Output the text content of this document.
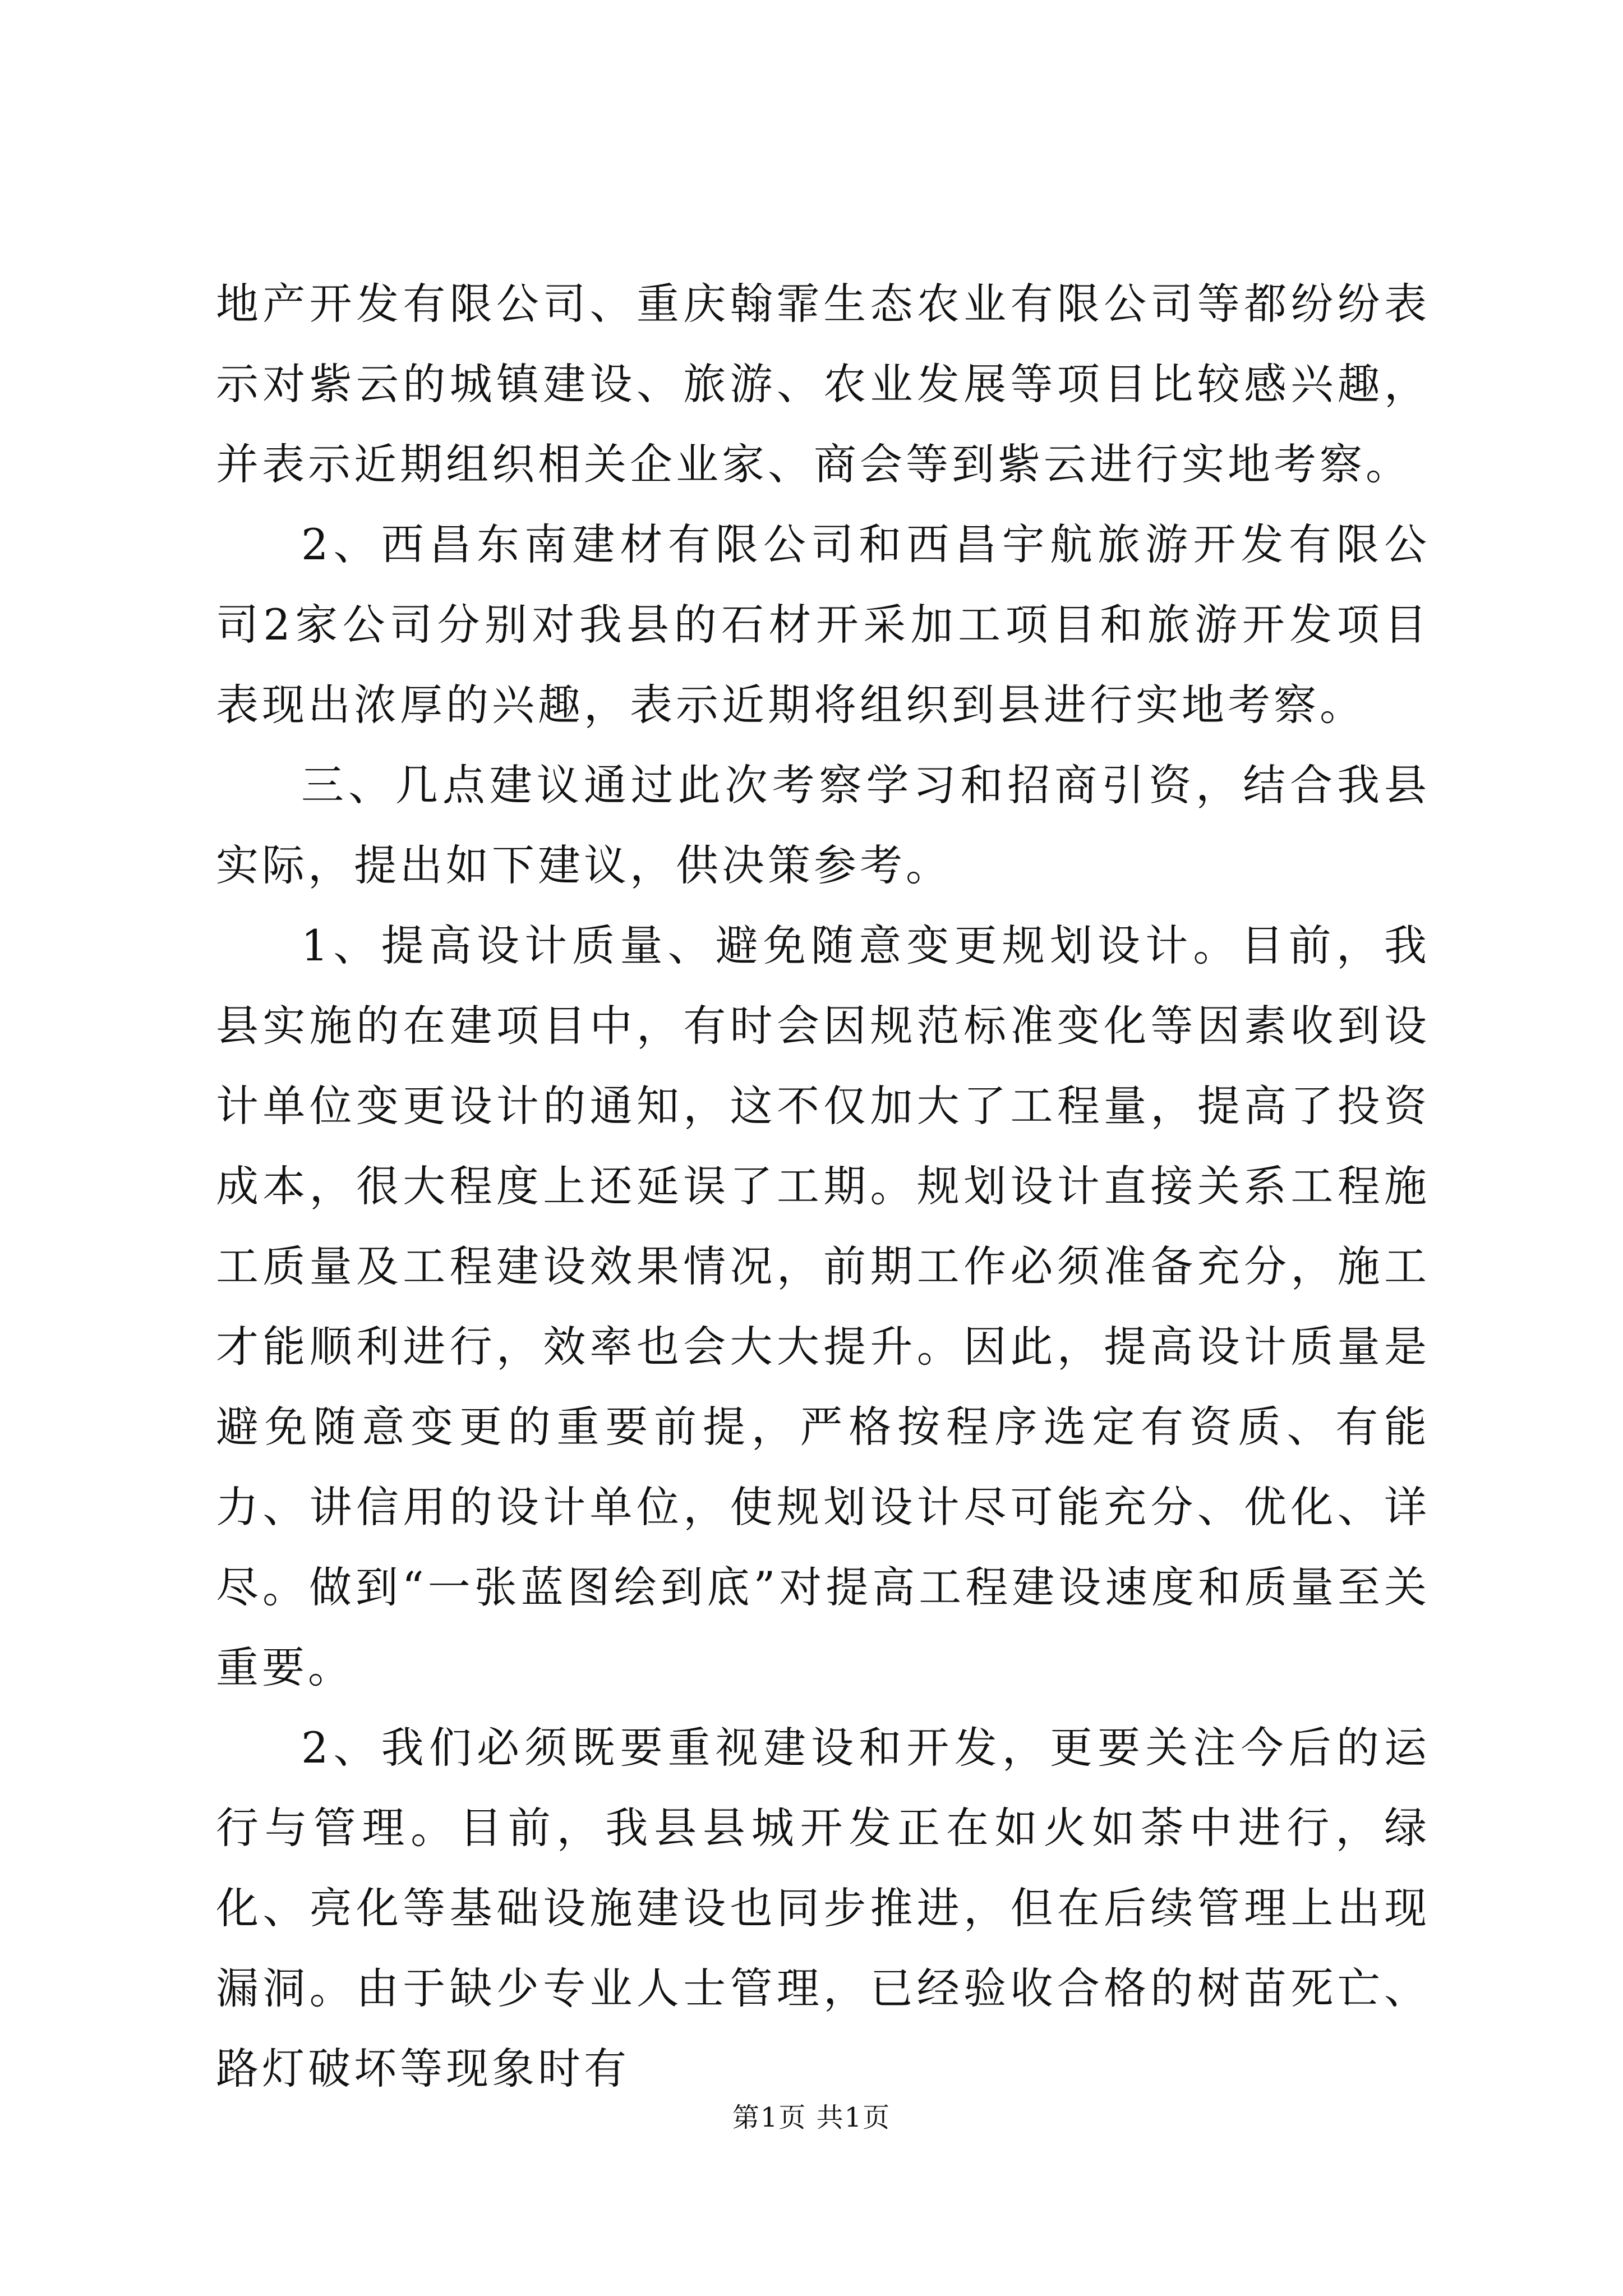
地产开发有限公司、重庆翰霏生态农业有限公司等都纷纷表示对紫云的城镇建设、旅游、农业发展等项目比较感兴趣，并表示近期组织相关企业家、商会等到紫云进行实地考察。

2、西昌东南建材有限公司和西昌宇航旅游开发有限公司2家公司分别对我县的石材开采加工项目和旅游开发项目表现出浓厚的兴趣，表示近期将组织到县进行实地考察。

三、几点建议通过此次考察学习和招商引资，结合我县实际，提出如下建议，供决策参考。

1、提高设计质量、避免随意变更规划设计。目前，我县实施的在建项目中，有时会因规范标准变化等因素收到设计单位变更设计的通知，这不仅加大了工程量，提高了投资成本，很大程度上还延误了工期。规划设计直接关系工程施工质量及工程建设效果情况，前期工作必须准备充分，施工才能顺利进行，效率也会大大提升。因此，提高设计质量是避免随意变更的重要前提，严格按程序选定有资质、有能力、讲信用的设计单位，使规划设计尽可能充分、优化、详尽。做到“一张蓝图绘到底”对提高工程建设速度和质量至关重要。

2、我们必须既要重视建设和开发，更要关注今后的运行与管理。目前，我县县城开发正在如火如荼中进行，绿化、亮化等基础设施建设也同步推进，但在后续管理上出现漏洞。由于缺少专业人士管理，已经验收合格的树苗死亡、路灯破坏等现象时有

第1页 共1页
